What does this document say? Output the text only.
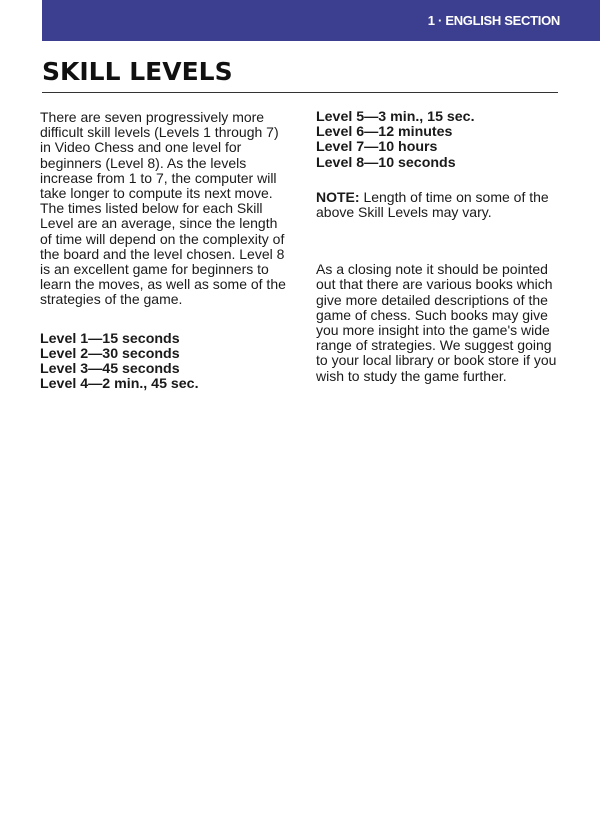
1 · ENGLISH SECTION
SKILL LEVELS

There are seven progressively more difficult skill levels (Levels 1 through 7) in Video Chess and one level for beginners (Level 8). As the levels increase from 1 to 7, the computer will take longer to compute its next move. The times listed below for each Skill Level are an average, since the length of time will depend on the complexity of the board and the level chosen. Level 8 is an excellent game for beginners to learn the moves, as well as some of the strategies of the game.

Level 1—15 seconds
Level 2—30 seconds
Level 3—45 seconds
Level 4—2 min., 45 sec.
Level 5—3 min., 15 sec.
Level 6—12 minutes
Level 7—10 hours
Level 8—10 seconds

NOTE: Length of time on some of the above Skill Levels may vary.

As a closing note it should be pointed out that there are various books which give more detailed descriptions of the game of chess. Such books may give you more insight into the game's wide range of strategies. We suggest going to your local library or book store if you wish to study the game further.
